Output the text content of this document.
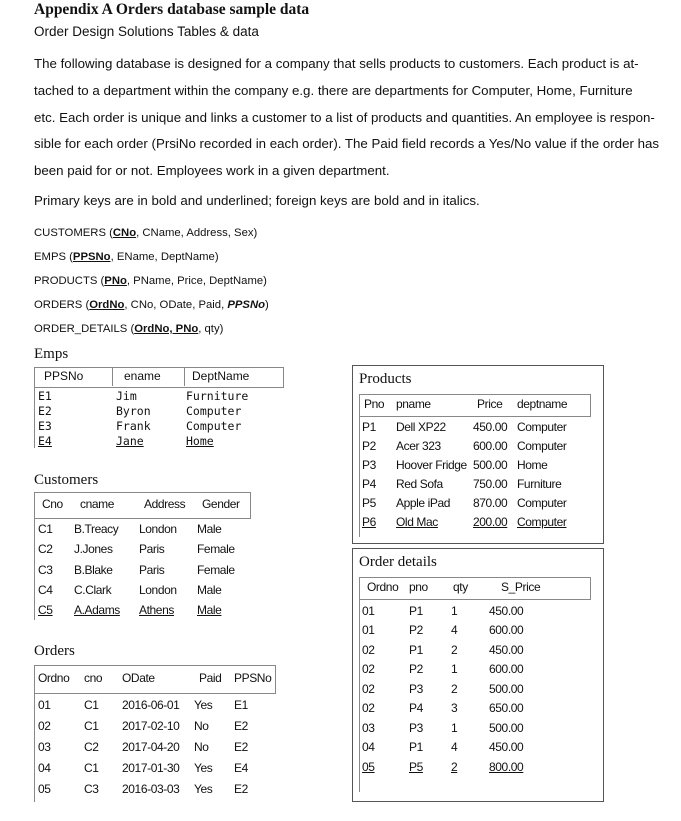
Appendix A Orders database sample data
Order Design Solutions Tables & data
The following database is designed for a company that sells products to customers. Each product is at-
tached to a department within the company e.g. there are departments for Computer, Home, Furniture
etc. Each order is unique and links a customer to a list of products and quantities. An employee is respon-
sible for each order (PrsiNo recorded in each order). The Paid field records a Yes/No value if the order has
been paid for or not. Employees work in a given department.
Primary keys are in bold and underlined; foreign keys are bold and in italics.
CUSTOMERS (CNo, CName, Address, Sex)
EMPS (PPSNo, EName, DeptName)
PRODUCTS (PNo, PName, Price, DeptName)
ORDERS (OrdNo, CNo, ODate, Paid, PPSNo)
ORDER_DETAILS (OrdNo, PNo, qty)
Emps
PPSNo	ename	DeptName
E1	Jim	Furniture
E2	Byron	Computer
E3	Frank	Computer
E4	Jane	Home
Customers
Cno cname Address Gender
C1 B.Treacy London Male
C2 J.Jones Paris	Female
C3 B.Blake Paris	Female
C4 C.Clark London Male
C5 A.Adams Athens Male
Orders
Ordno cno ODate	Paid PPSNo
01	C1 2016-06-01 Yes E1
02	C1 2017-02-10 No E2
03	C2 2017-04-20 No E2
04	C1 2017-01-30 Yes E4
05	C3 2016-03-03 Yes E2
Products
Pno pname	Price deptname
P1 Dell XP22 450.00 Computer
P2 Acer 323	600.00 Computer
P3 Hoover Fridge 500.00 Home
P4 Red Sofa	750.00 Furniture
P5 Apple iPad 870.00 Computer
P6 Old Mac	200.00 Computer
Order details
Ordno pno qty	S_Price
01	P1 1	450.00
01	P2 4	600.00
02	P1 2	450.00
02	P2 1	600.00
02	P3 2	500.00
02	P4 3	650.00
03	P3 1	500.00
04	P1 4	450.00
05	P5 2	800.00
